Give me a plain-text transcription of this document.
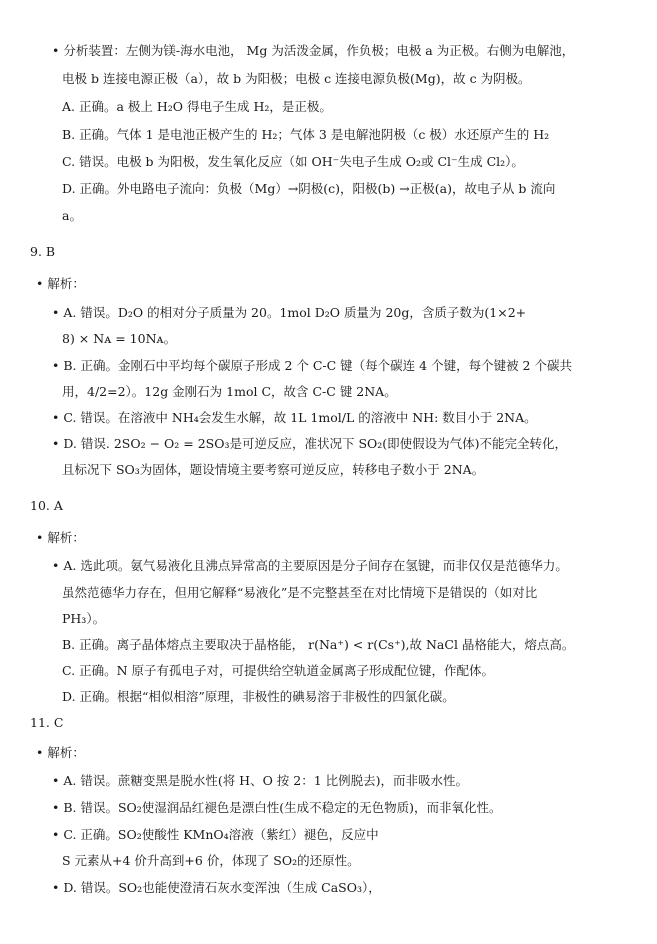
• 分析装置：左侧为镁-海水电池， Mg 为活泼金属，作负极；电极 a 为正极。右侧为电解池，
电极 b 连接电源正极（a），故 b 为阳极；电极 c 连接电源负极(Mg)，故 c 为阴极。
A. 正确。a 极上 H₂O 得电子生成 H₂，是正极。
B. 正确。气体 1 是电池正极产生的 H₂；气体 3 是电解池阴极（c 极）水还原产生的 H₂
C. 错误。电极 b 为阳极，发生氧化反应（如 OH⁻失电子生成 O₂或 Cl⁻生成 Cl₂）。
D. 正确。外电路电子流向：负极（Mg）→阴极(c)，阳极(b) →正极(a)，故电子从 b 流向
a。
9. B
• 解析：
• A. 错误。D₂O 的相对分子质量为 20。1mol D₂O 质量为 20g，含质子数为(1×2+
8) × Nᴀ = 10Nᴀ。
• B. 正确。金刚石中平均每个碳原子形成 2 个 C-C 键（每个碳连 4 个键，每个键被 2 个碳共
用，4/2=2）。12g 金刚石为 1mol C，故含 C-C 键 2NA。
• C. 错误。在溶液中 NH₄会发生水解，故 1L 1mol/L 的溶液中 NH: 数目小于 2NA。
• D. 错误. 2SO₂ − O₂ = 2SO₃是可逆反应，准状况下 SO₂(即使假设为气体)不能完全转化，
且标况下 SO₃为固体，题设情境主要考察可逆反应，转移电子数小于 2NA。
10. A
• 解析：
• A. 选此项。氨气易液化且沸点异常高的主要原因是分子间存在氢键，而非仅仅是范德华力。
虽然范德华力存在，但用它解释“易液化”是不完整甚至在对比情境下是错误的（如对比
PH₃）。
B. 正确。离子晶体熔点主要取决于晶格能， r(Na⁺) < r(Cs⁺),故 NaCl 晶格能大，熔点高。
C. 正确。N 原子有孤电子对，可提供给空轨道金属离子形成配位键，作配体。
D. 正确。根据“相似相溶”原理，非极性的碘易溶于非极性的四氯化碳。
11. C
• 解析：
• A. 错误。蔗糖变黑是脱水性(将 H、O 按 2：1 比例脱去)，而非吸水性。
• B. 错误。SO₂使湿润品红褪色是漂白性(生成不稳定的无色物质)，而非氧化性。
• C. 正确。SO₂使酸性 KMnO₄溶液（紫红）褪色，反应中
S 元素从+4 价升高到+6 价，体现了 SO₂的还原性。
• D. 错误。SO₂也能使澄清石灰水变浑浊（生成 CaSO₃），
